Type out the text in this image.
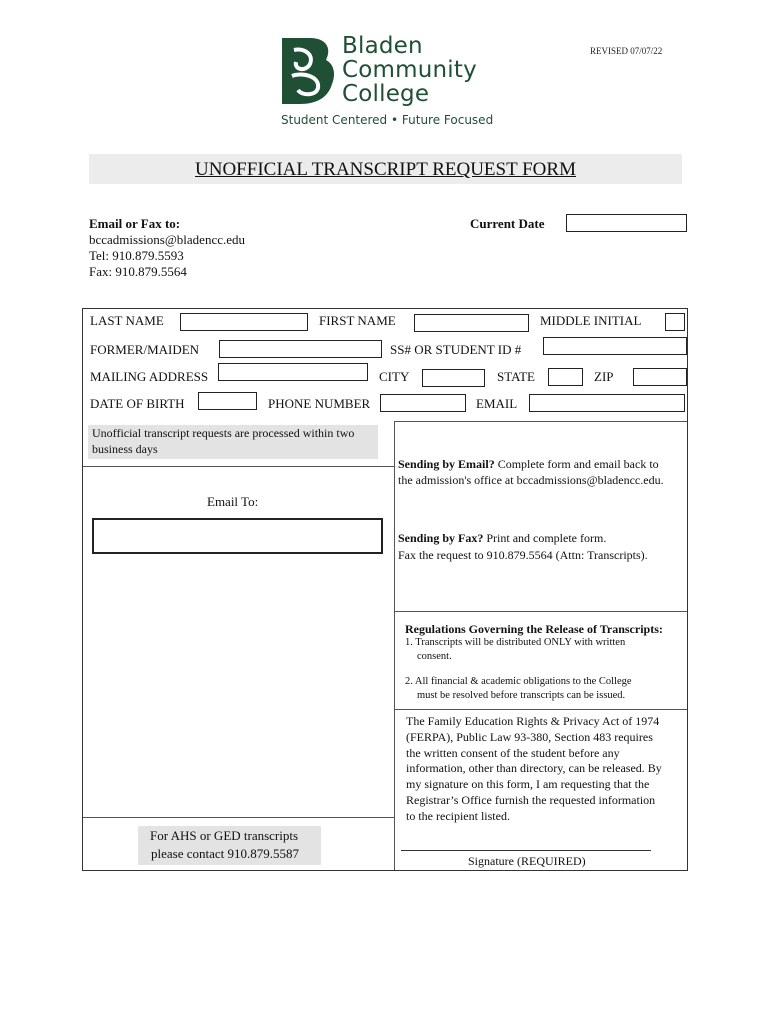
Bladen
Community
College
Student Centered • Future Focused
REVISED 07/07/22
UNOFFICIAL TRANSCRIPT REQUEST FORM
Email or Fax to:
bccadmissions@bladencc.edu
Tel: 910.879.5593
Fax: 910.879.5564
Current Date
LAST NAME	FIRST NAME	MIDDLE INITIAL
FORMER/MAIDEN	SS# OR STUDENT ID #
MAILING ADDRESS	CITY	STATE	ZIP
DATE OF BIRTH	PHONE NUMBER	EMAIL
Unofficial transcript requests are processed within two business days
Email To:
For AHS or GED transcripts
please contact 910.879.5587
Sending by Email? Complete form and email back to
the admission's office at bccadmissions@bladencc.edu.
Sending by Fax? Print and complete form.
Fax the request to 910.879.5564 (Attn: Transcripts).
Regulations Governing the Release of Transcripts:
1. Transcripts will be distributed ONLY with written
consent.
2. All financial & academic obligations to the College
must be resolved before transcripts can be issued.
The Family Education Rights & Privacy Act of 1974
(FERPA), Public Law 93-380, Section 483 requires
the written consent of the student before any
information, other than directory, can be released. By
my signature on this form, I am requesting that the
Registrar’s Office furnish the requested information
to the recipient listed.
Signature (REQUIRED)
